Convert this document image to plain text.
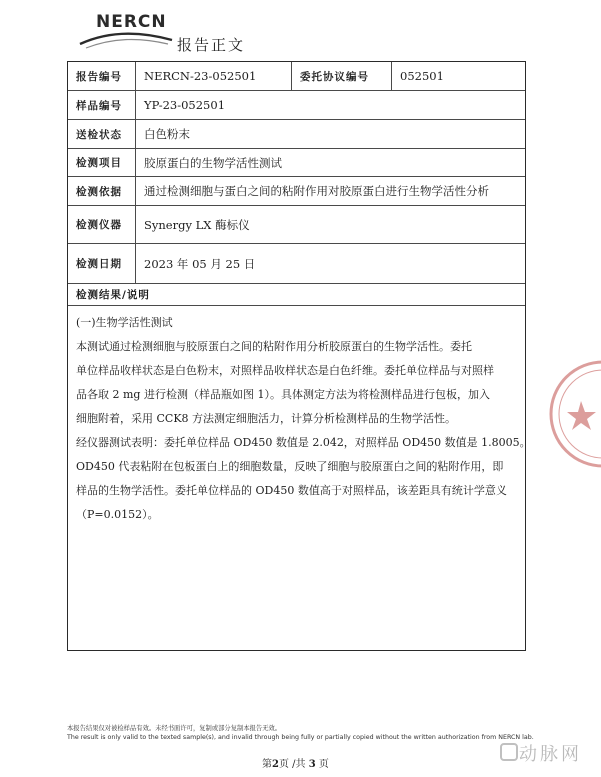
NERCN
报告正文
报告编号	NERCN-23-052501	委托协议编号	052501
样品编号	YP-23-052501
送检状态	白色粉末
检测项目	胶原蛋白的生物学活性测试
检测依据	通过检测细胞与蛋白之间的粘附作用对胶原蛋白进行生物学活性分析
检测仪器	Synergy LX 酶标仪
检测日期	2023 年 05 月 25 日
检测结果/说明
(一)生物学活性测试
本测试通过检测细胞与胶原蛋白之间的粘附作用分析胶原蛋白的生物学活性。委托
单位样品收样状态是白色粉末，对照样品收样状态是白色纤维。委托单位样品与对照样
品各取 2 mg 进行检测（样品瓶如图 1）。具体测定方法为将检测样品进行包板，加入
细胞附着，采用 CCK8 方法测定细胞活力，计算分析检测样品的生物学活性。
经仪器测试表明：委托单位样品 OD450 数值是 2.042，对照样品 OD450 数值是 1.8005。
OD450 代表粘附在包板蛋白上的细胞数量，反映了细胞与胶原蛋白之间的粘附作用，即
样品的生物学活性。委托单位样品的 OD450 数值高于对照样品，该差距具有统计学意义
（P=0.0152）。
本报告结果仅对被检样品有效。未经书面许可，复制或部分复制本报告无效。
The result is only valid to the texted sample(s), and invalid through being fully or partially copied without the written authorization from NERCN lab.
第2页 /共 3 页	动脉网
